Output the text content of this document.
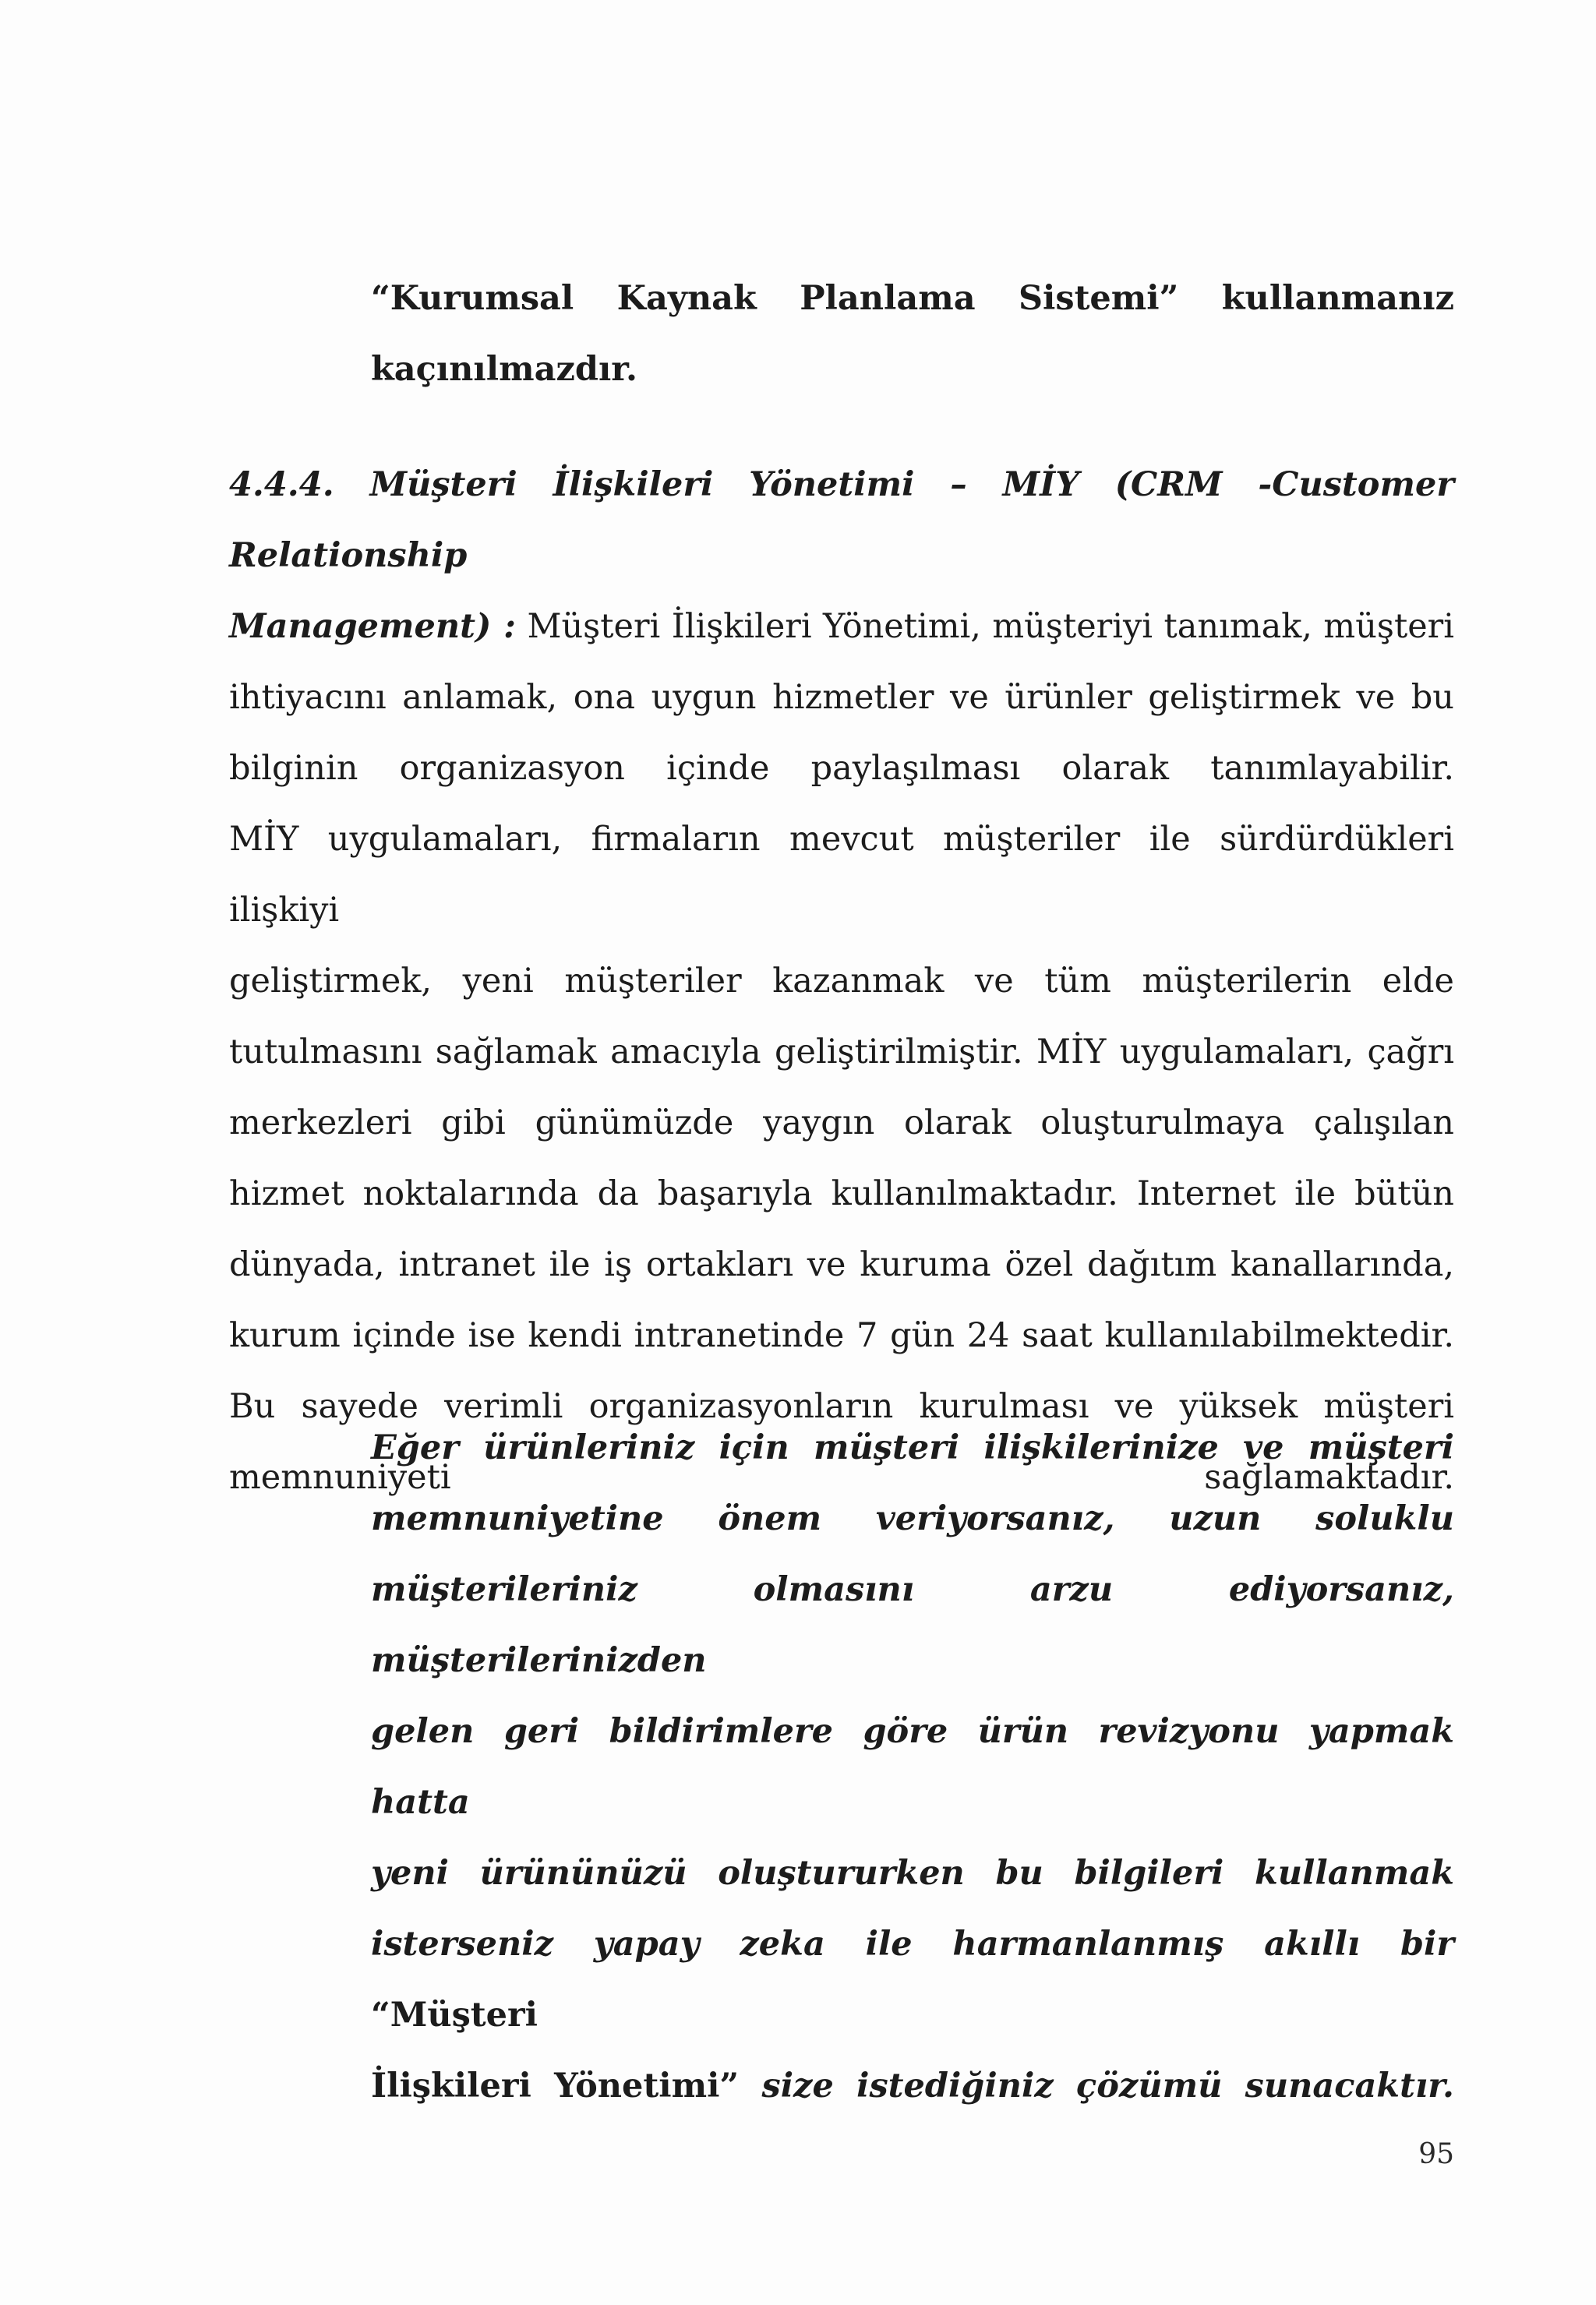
“Kurumsal Kaynak Planlama Sistemi” kullanmanız
kaçınılmazdır.
4.4.4. Müşteri İlişkileri Yönetimi – MİY (CRM -Customer Relationship
Management) : Müşteri İlişkileri Yönetimi, müşteriyi tanımak, müşteri
ihtiyacını anlamak, ona uygun hizmetler ve ürünler geliştirmek ve bu
bilginin organizasyon içinde paylaşılması olarak tanımlayabilir.
MİY uygulamaları, firmaların mevcut müşteriler ile sürdürdükleri ilişkiyi
geliştirmek, yeni müşteriler kazanmak ve tüm müşterilerin elde
tutulmasını sağlamak amacıyla geliştirilmiştir. MİY uygulamaları, çağrı
merkezleri gibi günümüzde yaygın olarak oluşturulmaya çalışılan
hizmet noktalarında da başarıyla kullanılmaktadır. Internet ile bütün
dünyada, intranet ile iş ortakları ve kuruma özel dağıtım kanallarında,
kurum içinde ise kendi intranetinde 7 gün 24 saat kullanılabilmektedir.
Bu sayede verimli organizasyonların kurulması ve yüksek müşteri
memnuniyeti sağlamaktadır.
Eğer ürünleriniz için müşteri ilişkilerinize ve müşteri
memnuniyetine önem veriyorsanız, uzun soluklu
müşterileriniz olmasını arzu ediyorsanız, müşterilerinizden
gelen geri bildirimlere göre ürün revizyonu yapmak hatta
yeni ürününüzü oluştururken bu bilgileri kullanmak
isterseniz yapay zeka ile harmanlanmış akıllı bir “Müşteri
İlişkileri Yönetimi” size istediğiniz çözümü sunacaktır.
95
